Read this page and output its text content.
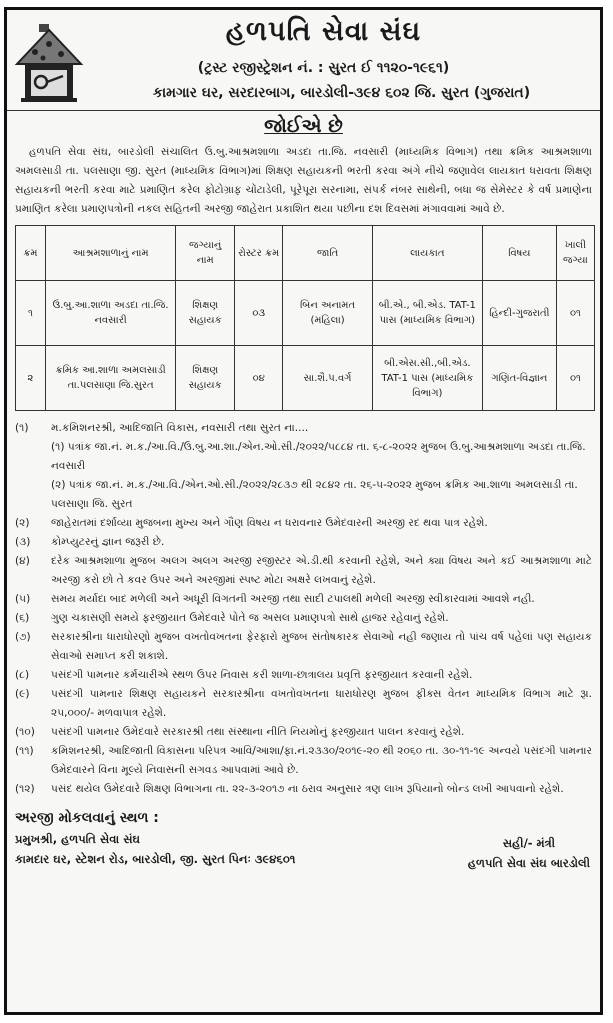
હળપતિ સેવા સંઘ
(ટ્રસ્ટ રજીસ્ટ્રેશન નં. : સુરત ઈ ૧૧૨૦-૧૯૬૧)
કામગાર ઘર, સરદારબાગ, બારડોલી-૩૯૪ ૬૦૨ જિ. સુરત (ગુજરાત)
જોઈએ છે

હળપતિ સેવા સંઘ, બારડોલી સંચાલિત ઉ.બુ.આશ્રમશાળા અડદા તા.જિ. નવસારી (માધ્યમિક વિભાગ) તથા ક્રમિક આશ્રમશાળા અમલસાડી તા. પલસાણા જી. સુરત (માધ્યમિક વિભાગ)માં શિક્ષણ સહાયકની ભરતી કરવા અંગે નીચે જણાવેલ લાયકાત ધરાવતા શિક્ષણ સહાયકની ભરતી કરવા માટે પ્રમાણિત કરેલ ફોટોગ્રાફ ચોંટાડેલી, પૂરેપૂરા સરનામા, સંપર્ક નંબર સાથેની, બધા જ સેમેસ્ટર કે વર્ષ પ્રમાણેના પ્રમાણિત કરેલા પ્રમાણપત્રોની નકલ સહિતની અરજી જાહેરાત પ્રકાશિત થયા પછીના દશ દિવસમાં મંગાવવામાં આવે છે.

ક્રમ	આશ્રમશાળાનું નામ	જગ્યાનું નામ	રોસ્ટર ક્રમ	જાતિ	લાયકાત	વિષય	ખાલી જગ્યા
૧	ઉ.બુ.આ.શાળા અડદા તા.જિ. નવસારી	શિક્ષણ સહાયક	૦૩	બિન અનામત (મહિલા)	બી.એ., બી.એડ. TAT-1 પાસ (માધ્યમિક વિભાગ)	હિન્દી-ગુજરાતી	૦૧
૨	ક્રમિક આ.શાળા અમલસાડી તા.પલસાણા જિ.સુરત	શિક્ષણ સહાયક	૦૪	સા.શૈ.પ.વર્ગ	બી.એસ.સી.,બી.એડ. TAT-1 પાસ (માધ્યમિક વિભાગ)	ગણિત-વિજ્ઞાન	૦૧
(૧)	મ.કમિશનરશ્રી, આદિજાતિ વિકાસ, નવસારી તથા સુરત ના....
(૧) પત્રાંક જા.નં. મ.ક./આ.વિ./ઉ.બુ.આ.શા./એન.ઓ.સી./૨૦૨૨/૫૮૮૪ તા. ૬-૮-૨૦૨૨ મુજબ ઉ.બુ.આશ્રમશાળા અડદા તા.જિ. નવસારી
(૨) પત્રાંક જા.નં. મ.ક./આ.વિ./એન.ઓ.સી./૨૦૨૨/૨૮૩૭ થી ૨૮૪૨ તા. ૨૬-૫-૨૦૨૨ મુજબ ક્રમિક આ.શાળા અમલસાડી તા. પલસાણા જિ. સુરત
(૨)	જાહેરાતમાં દર્શાવ્યા મુજબના મુખ્ય અને ગૌણ વિષય ન ધરાવનાર ઉમેદવારની અરજી રદ થવા પાત્ર રહેશે.
(૩)	કોમ્પ્યુટરનું જ્ઞાન જરૂરી છે.
(૪)	દરેક આશ્રમશાળા મુજબ અલગ અલગ અરજી રજીસ્ટર એ.ડી.થી કરવાની રહેશે, અને ક્યા વિષય અને કઈ આશ્રમશાળા માટે અરજી કરો છો તે કવર ઉપર અને અરજીમાં સ્પષ્ટ મોટા અક્ષરે લખવાનું રહેશે.
(૫)	સમય મર્યાદા બાદ મળેલી અને અધૂરી વિગતની અરજી તથા સાદી ટપાલથી મળેલી અરજી સ્વીકારવામાં આવશે નહી.
(૬)	ગુણ ચકાસણી સમયે ફરજીયાત ઉમેદવારે પોતે જ અસલ પ્રમાણપત્રો સાથે હાજર રહેવાનું રહેશે.
(૭)	સરકારશ્રીના ધારાધોરણો મુજબ વખતોવખતના ફેરફારો મુજબ સંતોષકારક સેવાઓ નહી જણાય તો પાંચ વર્ષ પહેલાં પણ સહાયક સેવાઓ સમાપ્ત કરી શકાશે.
(૮)	પસંદગી પામનાર કર્મચારીએ સ્થળ ઉપર નિવાસ કરી શાળા-છાત્રાલય પ્રવૃત્તિ ફરજીયાત કરવાની રહેશે.
(૯)	પસંદગી પામનાર શિક્ષણ સહાયકને સરકારશ્રીના વખતોવખતના ધારાધોરણ મુજબ ફીક્સ વેતન માધ્યમિક વિભાગ માટે રૂા. ૨૫,૦૦૦/- મળવાપાત્ર રહેશે.
(૧૦)	પસંદગી પામનાર ઉમેદવારે સરકારશ્રી તથા સંસ્થાના નીતિ નિયમોનું ફરજીયાત પાલન કરવાનું રહેશે.
(૧૧)	કમિશનરશ્રી, આદિજાતી વિકાસના પરિપત્ર આવિ/આશા/ફા.નં.૨૩૩૦/૨૦૧૯-૨૦ થી ૨૦૬૦ તા. ૩૦-૧૧-૧૯ અન્વયે પસંદગી પામનાર ઉમેદવારને વિના મૂલ્યે નિવાસની સગવડ આપવામાં આવે છે.
(૧૨)	પસંદ થયેલ ઉમેદવારે શિક્ષણ વિભાગના તા. ૨૨-૩-૨૦૧૭ ના ઠરાવ અનુસાર ત્રણ લાખ રૂપિયાનો બોન્ડ લખી આપવાનો રહેશે.
અરજી મોકલવાનું સ્થળ :
પ્રમુખશ્રી, હળપતિ સેવા સંઘ
કામદાર ઘર, સ્ટેશન રોડ, બારડોલી, જી. સુરત પિનઃ ૩૯૪૬૦૧
સહી/- મંત્રી
હળપતિ સેવા સંઘ બારડોલી
